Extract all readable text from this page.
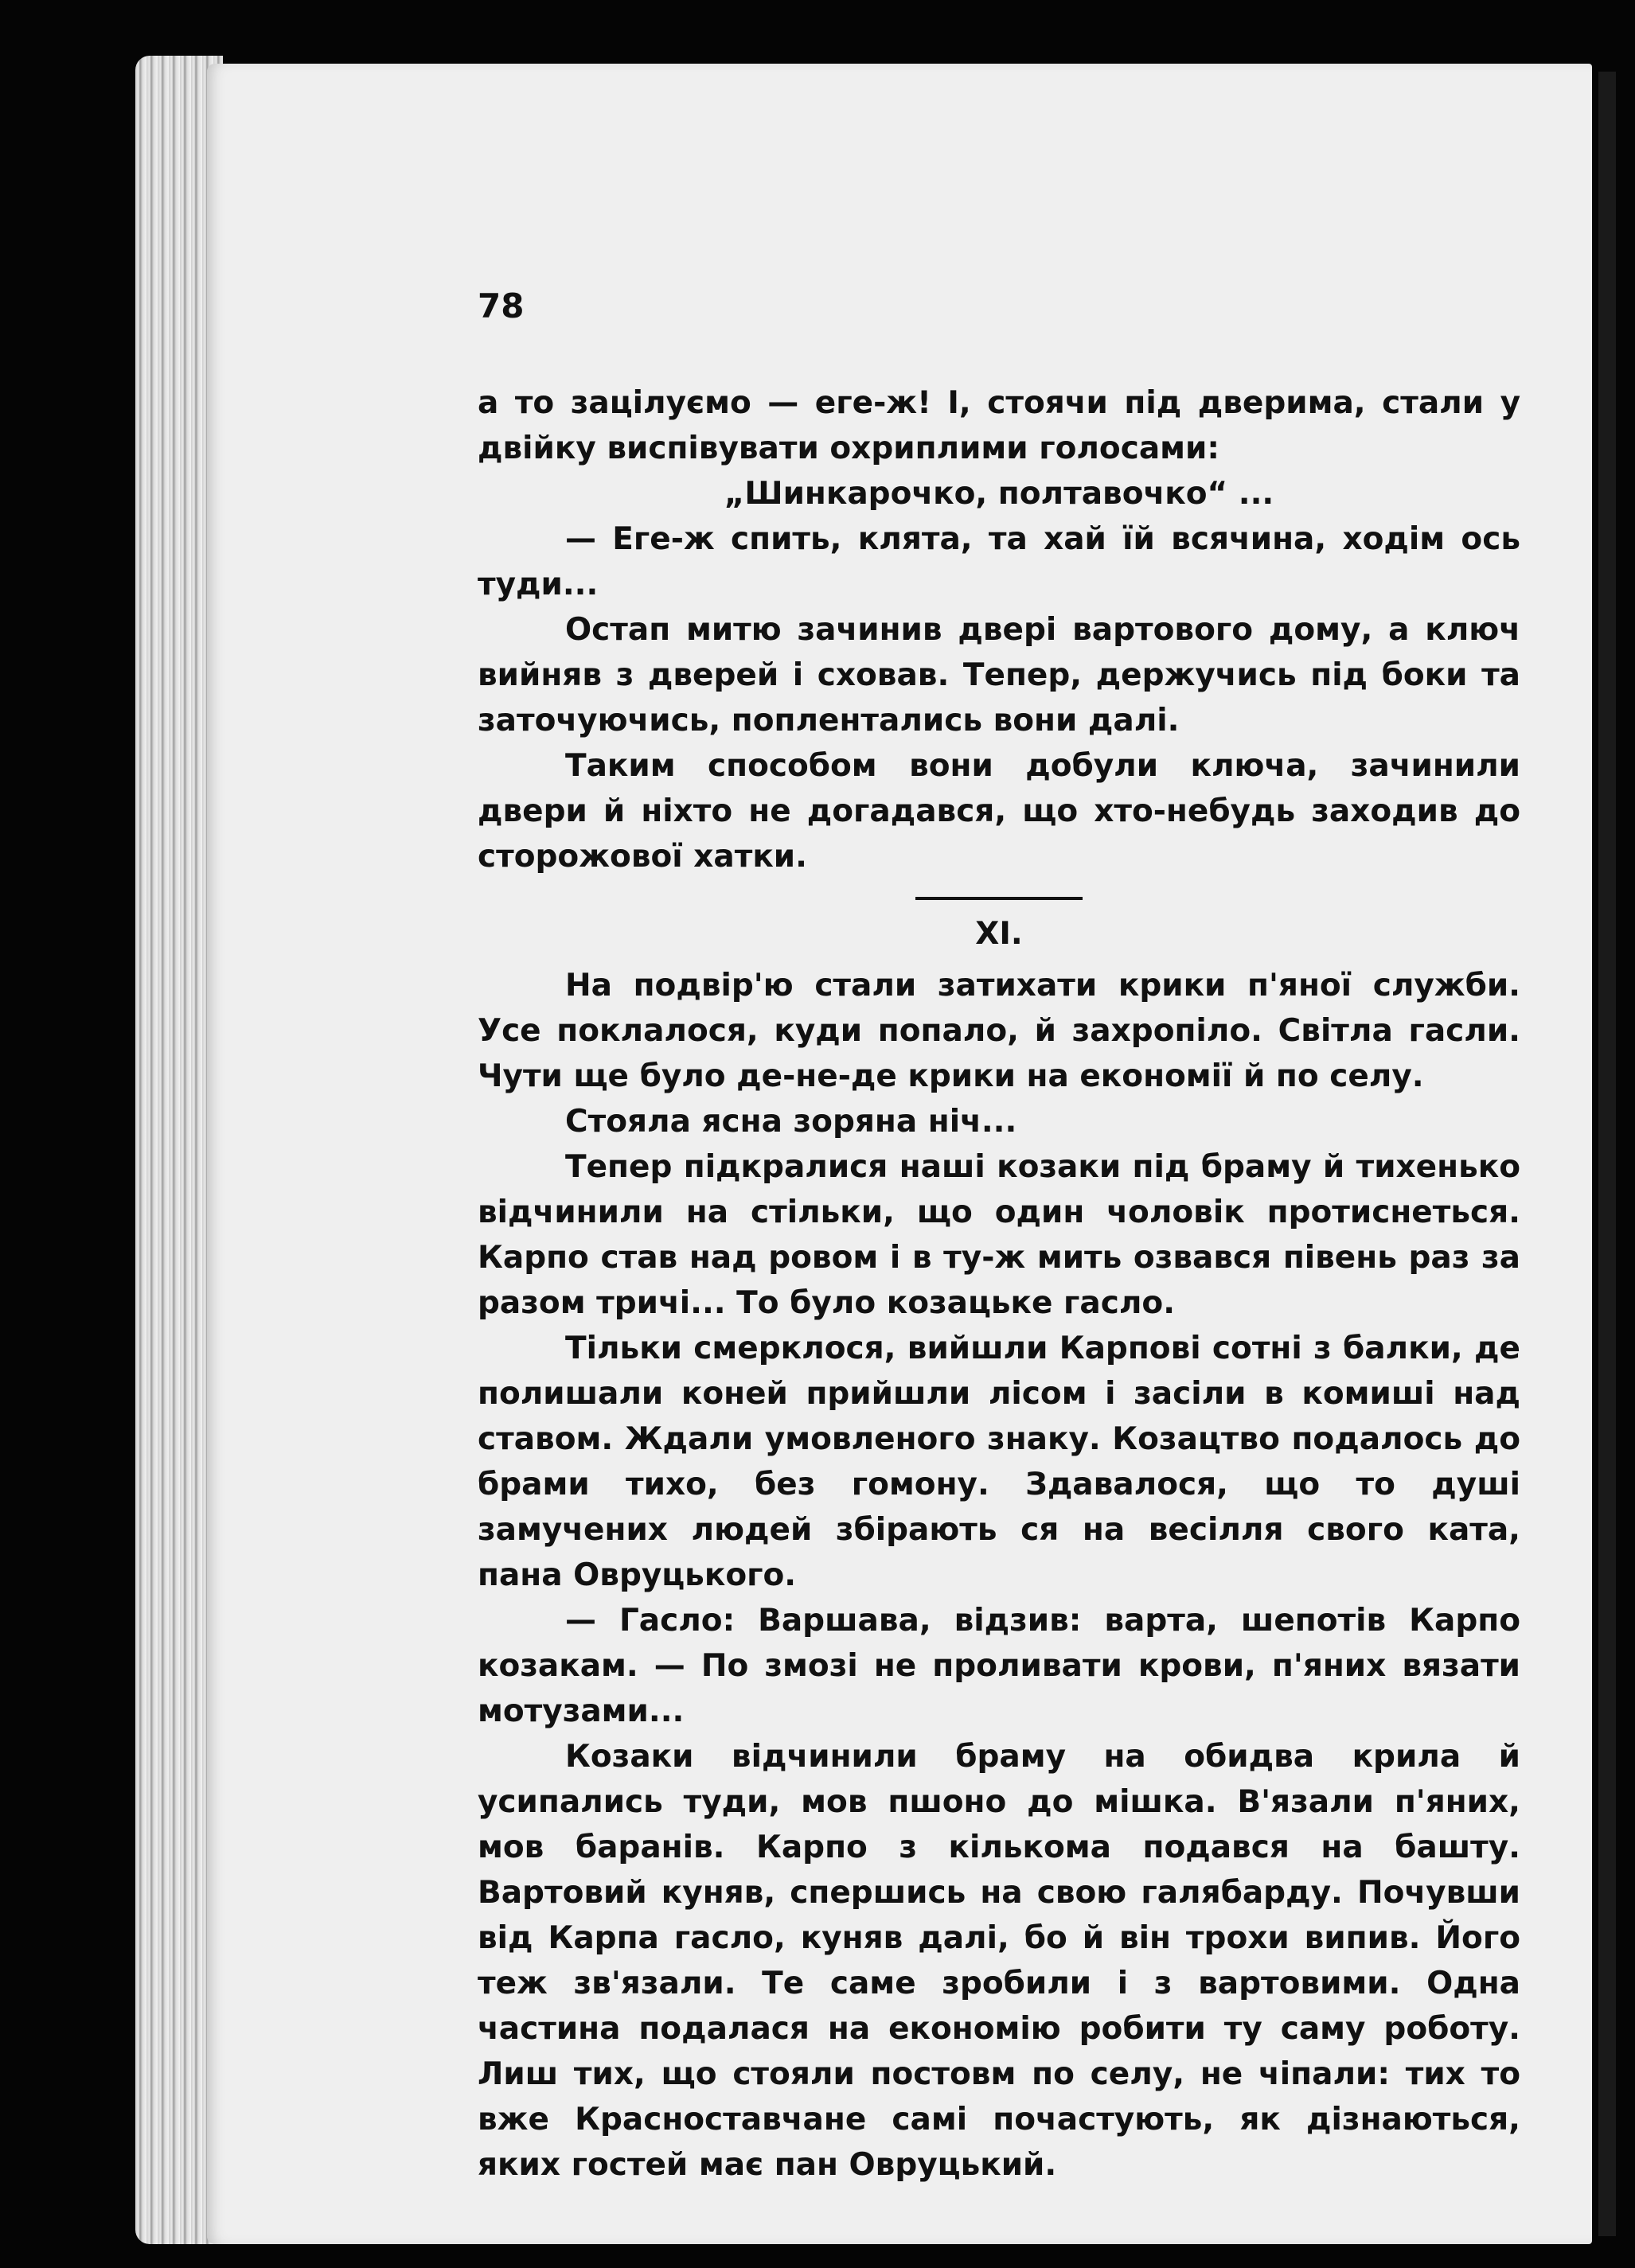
78

а то зацілуємо — еге-ж! І, стоячи під дверима, стали у двійку виспівувати охриплими голосами:

„Шинкарочко, полтавочко“ ...

— Еге-ж спить, клята, та хай їй всячина, ходім ось туди...

Остап митю зачинив двері вартового дому, а ключ вийняв з дверей і сховав. Тепер, держучись під боки та заточуючись, поплентались вони далі.

Таким способом вони добули ключа, зачинили двери й ніхто не догадався, що хто-небудь заходив до сторожової хатки.

ХІ.

На подвір'ю стали затихати крики п'яної служби. Усе поклалося, куди попало, й захропіло. Світла гасли. Чути ще було де-не-де крики на економії й по селу.

Стояла ясна зоряна ніч...

Тепер підкралися наші козаки під браму й тихенько відчинили на стільки, що один чоловік протиснеться. Карпо став над ровом і в ту-ж мить озвався півень раз за разом тричі... То було козацьке гасло.

Тільки смерклося, вийшли Карпові сотні з балки, де полишали коней прийшли лісом і засіли в комиші над ставом. Ждали умовленого знаку. Козацтво подалось до брами тихо, без гомону. Здавалося, що то душі замучених людей збірають ся на весілля свого ката, пана Овруцького.

— Гасло: Варшава, відзив: варта, шепотів Карпо козакам. — По змозі не проливати крови, п'яних вязати мотузами...

Козаки відчинили браму на обидва крила й усипались туди, мов пшоно до мішка. В'язали п'яних, мов баранів. Карпо з кількома подався на башту. Вартовий куняв, спершись на свою галябарду. Почувши від Карпа гасло, куняв далі, бо й він трохи випив. Його теж зв'язали. Те саме зробили і з вартовими. Одна частина подалася на економію робити ту саму роботу. Лиш тих, що стояли постовм по селу, не чіпали: тих то вже Красноставчане самі почастують, як дізнаються, яких гостей має пан Овруцький.
